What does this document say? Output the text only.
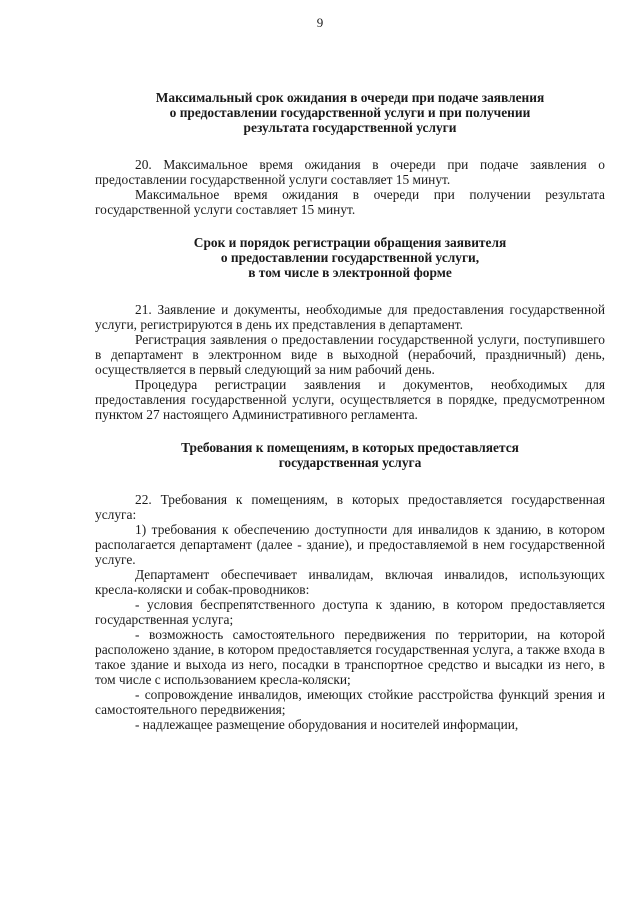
9
Максимальный срок ожидания в очереди при подаче заявления
о предоставлении государственной услуги и при получении
результата государственной услуги

20. Максимальное время ожидания в очереди при подаче заявления о предоставлении государственной услуги составляет 15 минут.

Максимальное время ожидания в очереди при получении результата государственной услуги составляет 15 минут.

Срок и порядок регистрации обращения заявителя
о предоставлении государственной услуги,
в том числе в электронной форме

21. Заявление и документы, необходимые для предоставления государственной услуги, регистрируются в день их представления в департамент.

Регистрация заявления о предоставлении государственной услуги, поступившего в департамент в электронном виде в выходной (нерабочий, праздничный) день, осуществляется в первый следующий за ним рабочий день.

Процедура регистрации заявления и документов, необходимых для предоставления государственной услуги, осуществляется в порядке, предусмотренном пунктом 27 настоящего Административного регламента.

Требования к помещениям, в которых предоставляется
государственная услуга

22. Требования к помещениям, в которых предоставляется государственная услуга:

1) требования к обеспечению доступности для инвалидов к зданию, в котором располагается департамент (далее - здание), и предоставляемой в нем государственной услуге.

Департамент обеспечивает инвалидам, включая инвалидов, использующих кресла-коляски и собак-проводников:

- условия беспрепятственного доступа к зданию, в котором предоставляется государственная услуга;

- возможность самостоятельного передвижения по территории, на которой расположено здание, в котором предоставляется государственная услуга, а также входа в такое здание и выхода из него, посадки в транспортное средство и высадки из него, в том числе с использованием кресла-коляски;

- сопровождение инвалидов, имеющих стойкие расстройства функций зрения и самостоятельного передвижения;

- надлежащее размещение оборудования и носителей информации,
